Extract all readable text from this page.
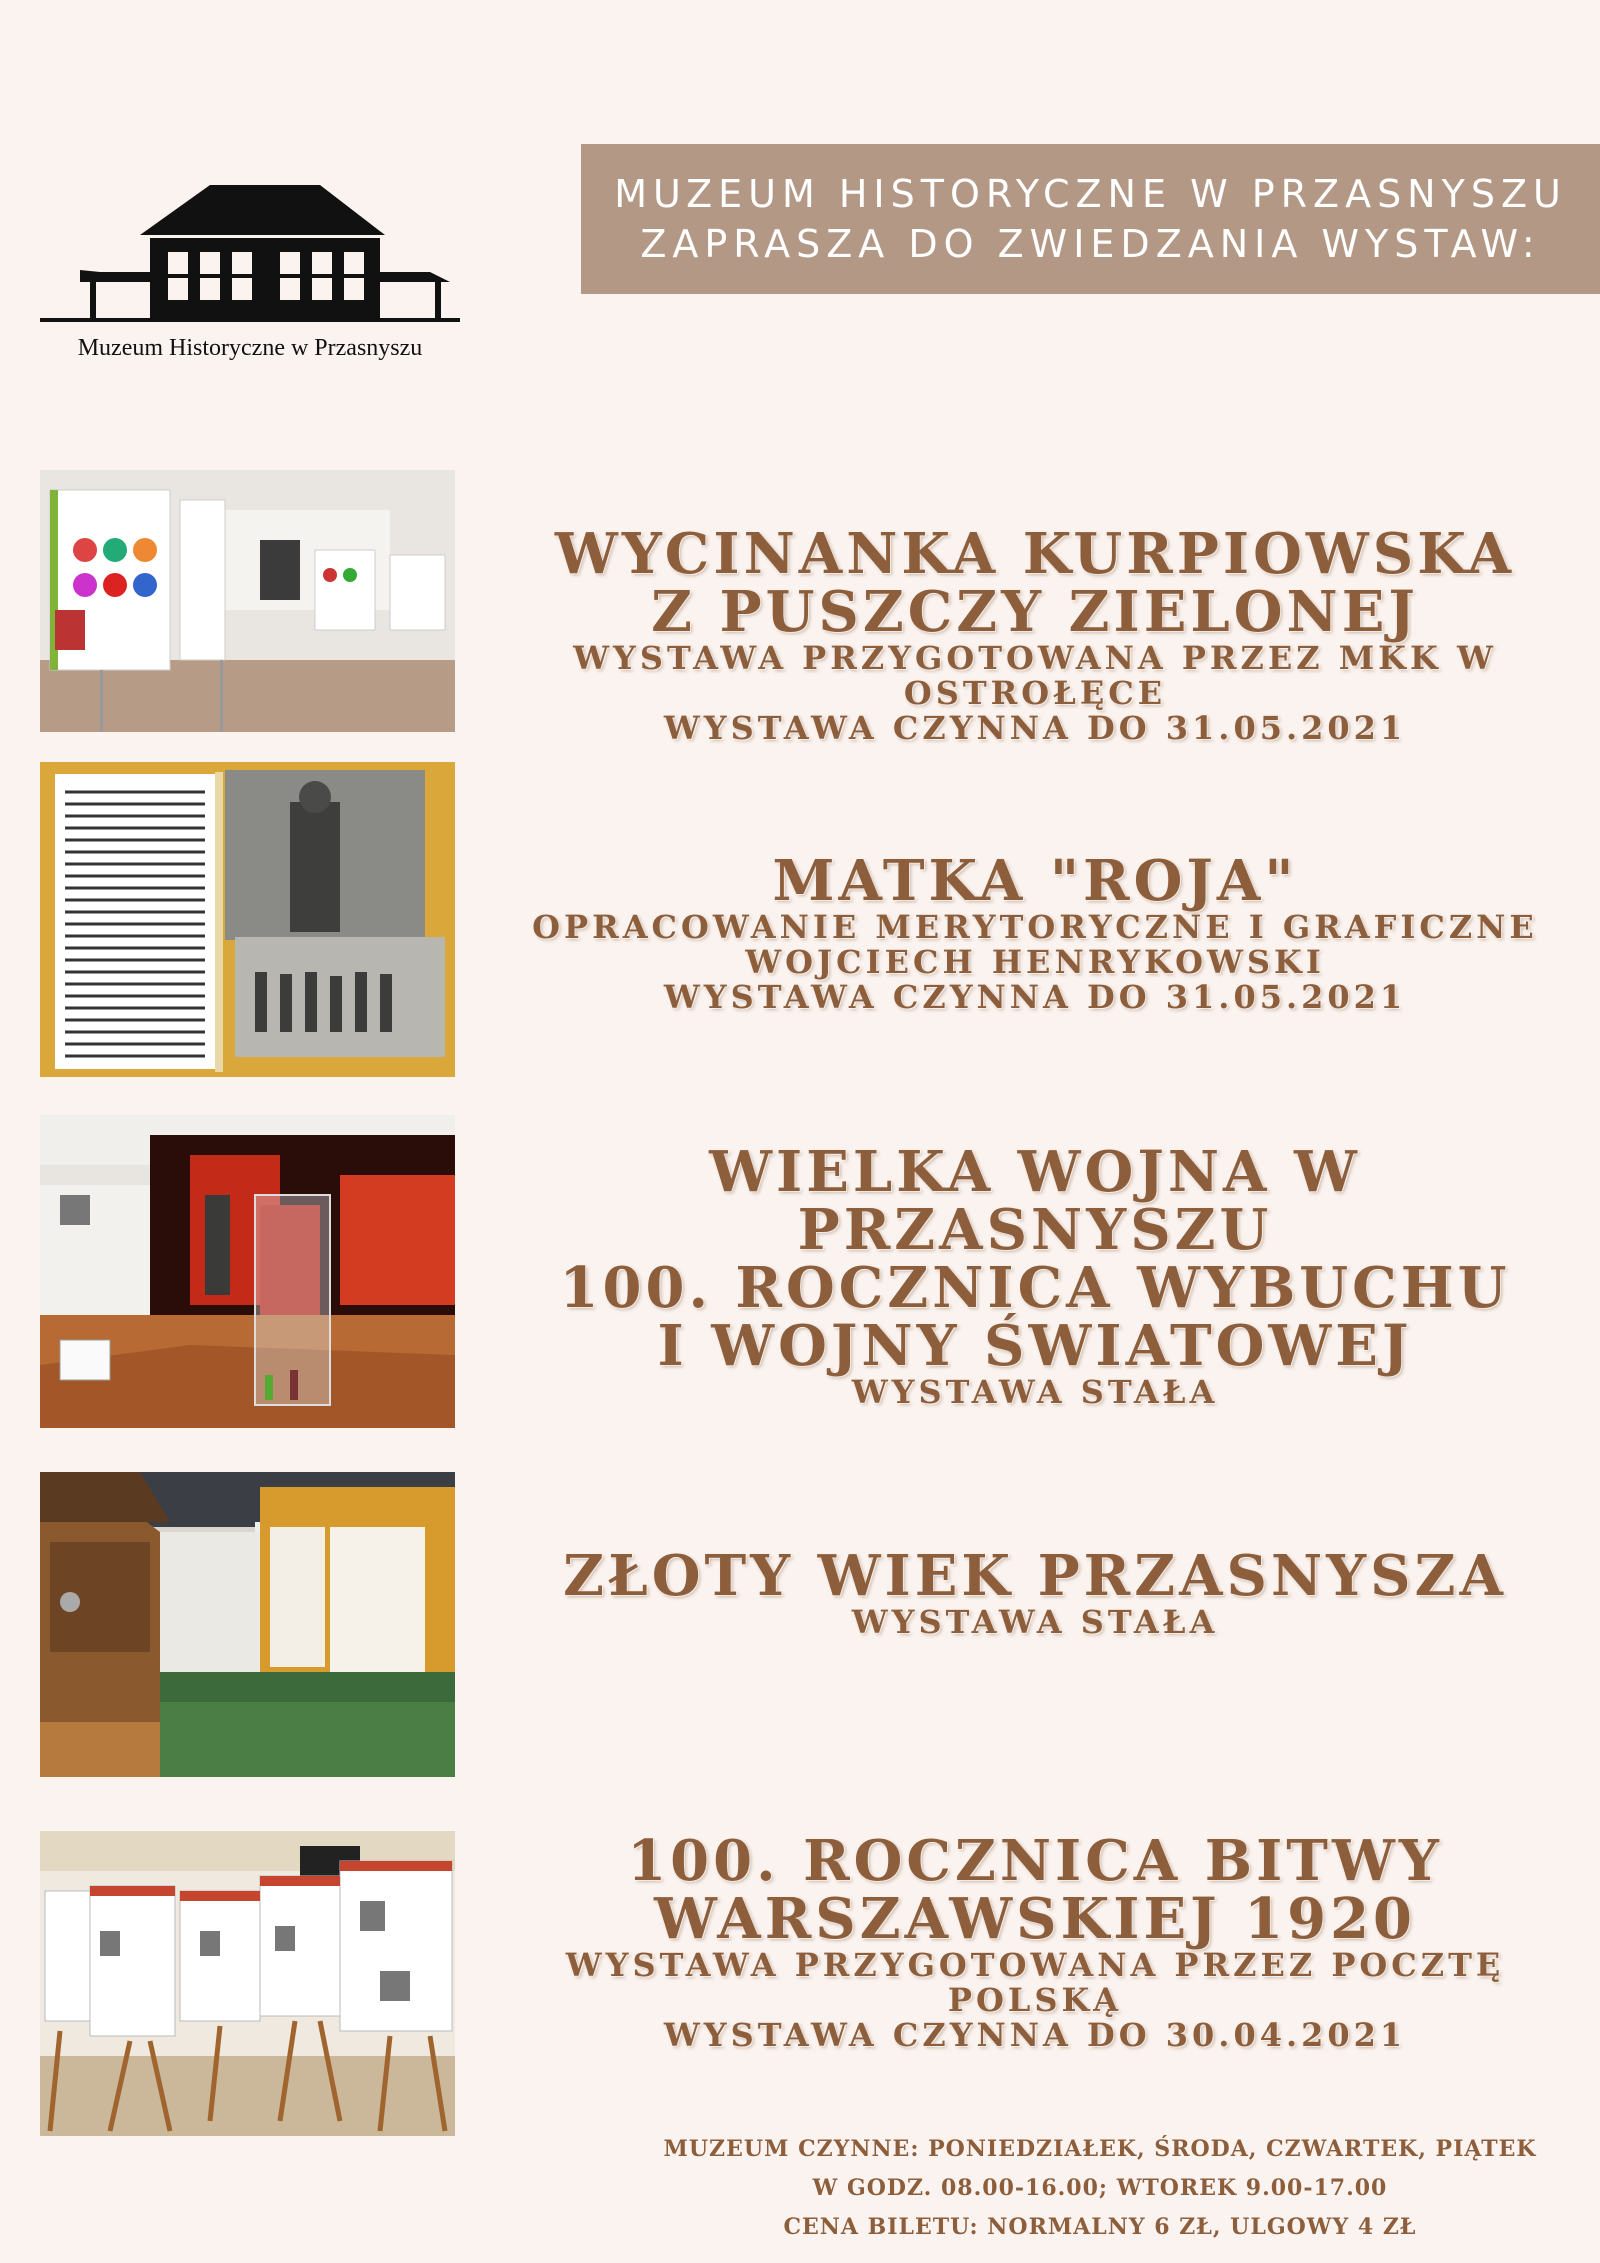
Muzeum Historyczne w Przasnyszu
MUZEUM HISTORYCZNE W PRZASNYSZU
ZAPRASZA DO ZWIEDZANIA WYSTAW:
WYCINANKA KURPIOWSKA
Z PUSZCZY ZIELONEJ
WYSTAWA PRZYGOTOWANA PRZEZ MKK W OSTROŁĘCE
WYSTAWA CZYNNA DO 31.05.2021
MATKA "ROJA"
OPRACOWANIE MERYTORYCZNE I GRAFICZNE
WOJCIECH HENRYKOWSKI
WYSTAWA CZYNNA DO 31.05.2021
WIELKA WOJNA W PRZASNYSZU
100. ROCZNICA WYBUCHU
I WOJNY ŚWIATOWEJ
WYSTAWA STAŁA
ZŁOTY WIEK PRZASNYSZA
WYSTAWA STAŁA
100. ROCZNICA BITWY
WARSZAWSKIEJ 1920
WYSTAWA PRZYGOTOWANA PRZEZ POCZTĘ POLSKĄ
WYSTAWA CZYNNA DO 30.04.2021
MUZEUM CZYNNE: PONIEDZIAŁEK, ŚRODA, CZWARTEK, PIĄTEK
W GODZ. 08.00-16.00; WTOREK 9.00-17.00
CENA BILETU: NORMALNY 6 ZŁ, ULGOWY 4 ZŁ
